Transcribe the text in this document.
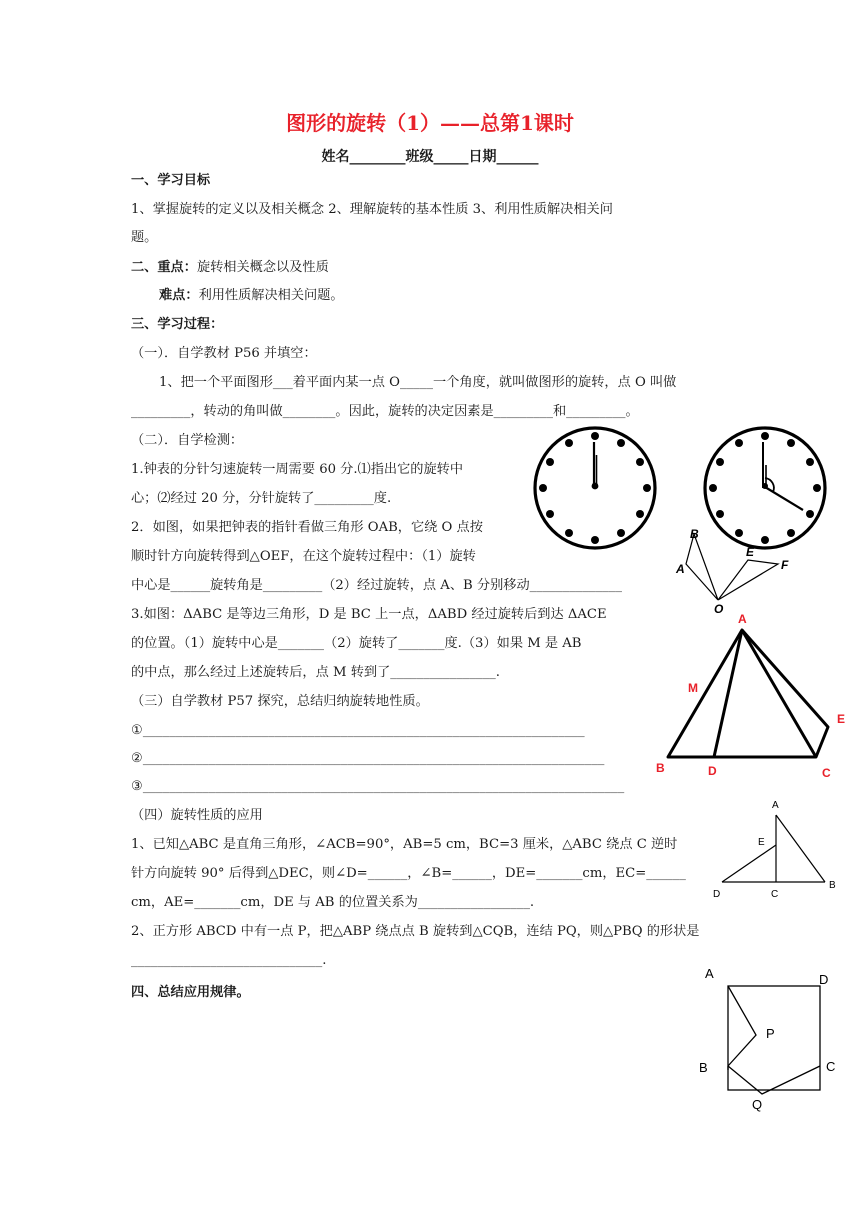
图形的旋转（1）——总第1课时
姓名________班级_____日期______
一、学习目标
1、掌握旋转的定义以及相关概念 2、理解旋转的基本性质 3、利用性质解决相关问
题。
二、重点：旋转相关概念以及性质
难点：利用性质解决相关问题。
三、学习过程：
（一）．自学教材 P56 并填空：
1、把一个平面图形___着平面内某一点 O_____一个角度，就叫做图形的旋转，点 O 叫做
_________，转动的角叫做________。因此，旋转的决定因素是_________和_________。
（二）．自学检测：
1.钟表的分针匀速旋转一周需要 60 分.⑴指出它的旋转中
心；⑵经过 20 分，分针旋转了_________度.
2．如图，如果把钟表的指针看做三角形 OAB，它绕 O 点按
顺时针方向旋转得到△OEF，在这个旋转过程中：（1）旋转
中心是______旋转角是_________（2）经过旋转，点 A、B 分别移动______________
3.如图：ΔABC 是等边三角形，D 是 BC 上一点，ΔABD 经过旋转后到达 ΔACE
的位置。（1）旋转中心是_______（2）旋转了_______度.（3）如果 M 是 AB
的中点，那么经过上述旋转后，点 M 转到了________________.
（三）自学教材 P57 探究，总结归纳旋转地性质。
①___________________________________________________________________
②______________________________________________________________________
③_________________________________________________________________________
（四）旋转性质的应用
1、已知△ABC 是直角三角形，∠ACB=90°，AB=5 cm，BC=3 厘米，△ABC 绕点 C 逆时
针方向旋转 90° 后得到△DEC，则∠D=______，∠B=______，DE=_______cm，EC=______
cm，AE=_______cm，DE 与 AB 的位置关系为_________________.
2、正方形 ABCD 中有一点 P，把△ABP 绕点点 B 旋转到△CQB，连结 PQ，则△PBQ 的形状是
_____________________________.
四、总结应用规律。
B
A
O
E
F
A
B	D	C
E
M
A
E
D	C
B
A	D
P
B	C
Q
